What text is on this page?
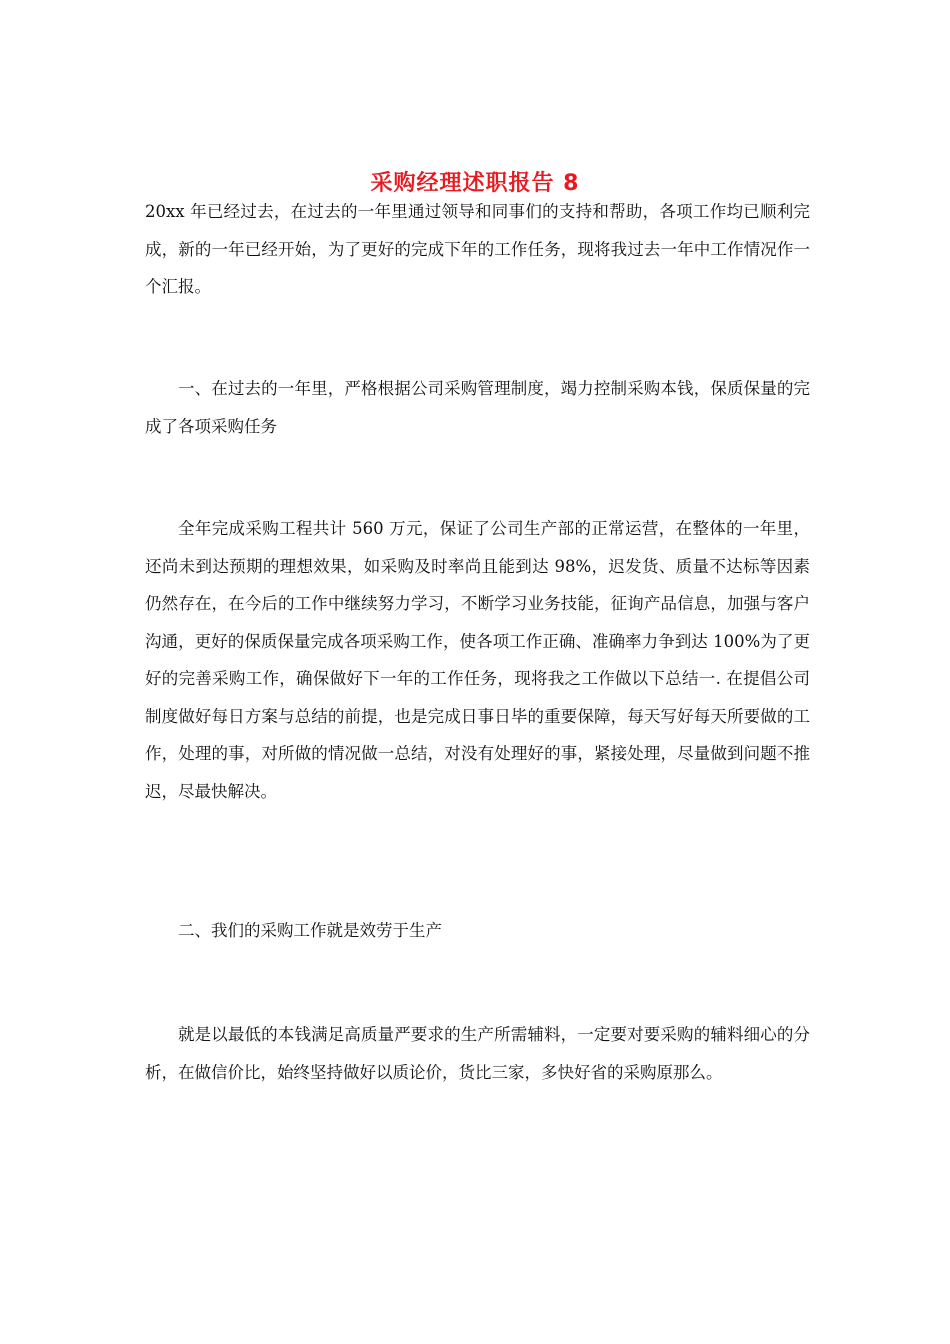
采购经理述职报告 8

20xx 年已经过去，在过去的一年里通过领导和同事们的支持和帮助，各项工作均已顺利完成，新的一年已经开始，为了更好的完成下年的工作任务，现将我过去一年中工作情况作一个汇报。

一、在过去的一年里，严格根据公司采购管理制度，竭力控制采购本钱，保质保量的完成了各项采购任务

全年完成采购工程共计 560 万元，保证了公司生产部的正常运营，在整体的一年里，还尚未到达预期的理想效果，如采购及时率尚且能到达 98%，迟发货、质量不达标等因素仍然存在，在今后的工作中继续努力学习，不断学习业务技能，征询产品信息，加强与客户沟通，更好的保质保量完成各项采购工作，使各项工作正确、准确率力争到达 100%为了更好的完善采购工作，确保做好下一年的工作任务，现将我之工作做以下总结一. 在提倡公司制度做好每日方案与总结的前提，也是完成日事日毕的重要保障，每天写好每天所要做的工作，处理的事，对所做的情况做一总结，对没有处理好的事，紧接处理，尽量做到问题不推迟，尽最快解决。

二、我们的采购工作就是效劳于生产

就是以最低的本钱满足高质量严要求的生产所需辅料，一定要对要采购的辅料细心的分析，在做信价比，始终坚持做好以质论价，货比三家，多快好省的采购原那么。
